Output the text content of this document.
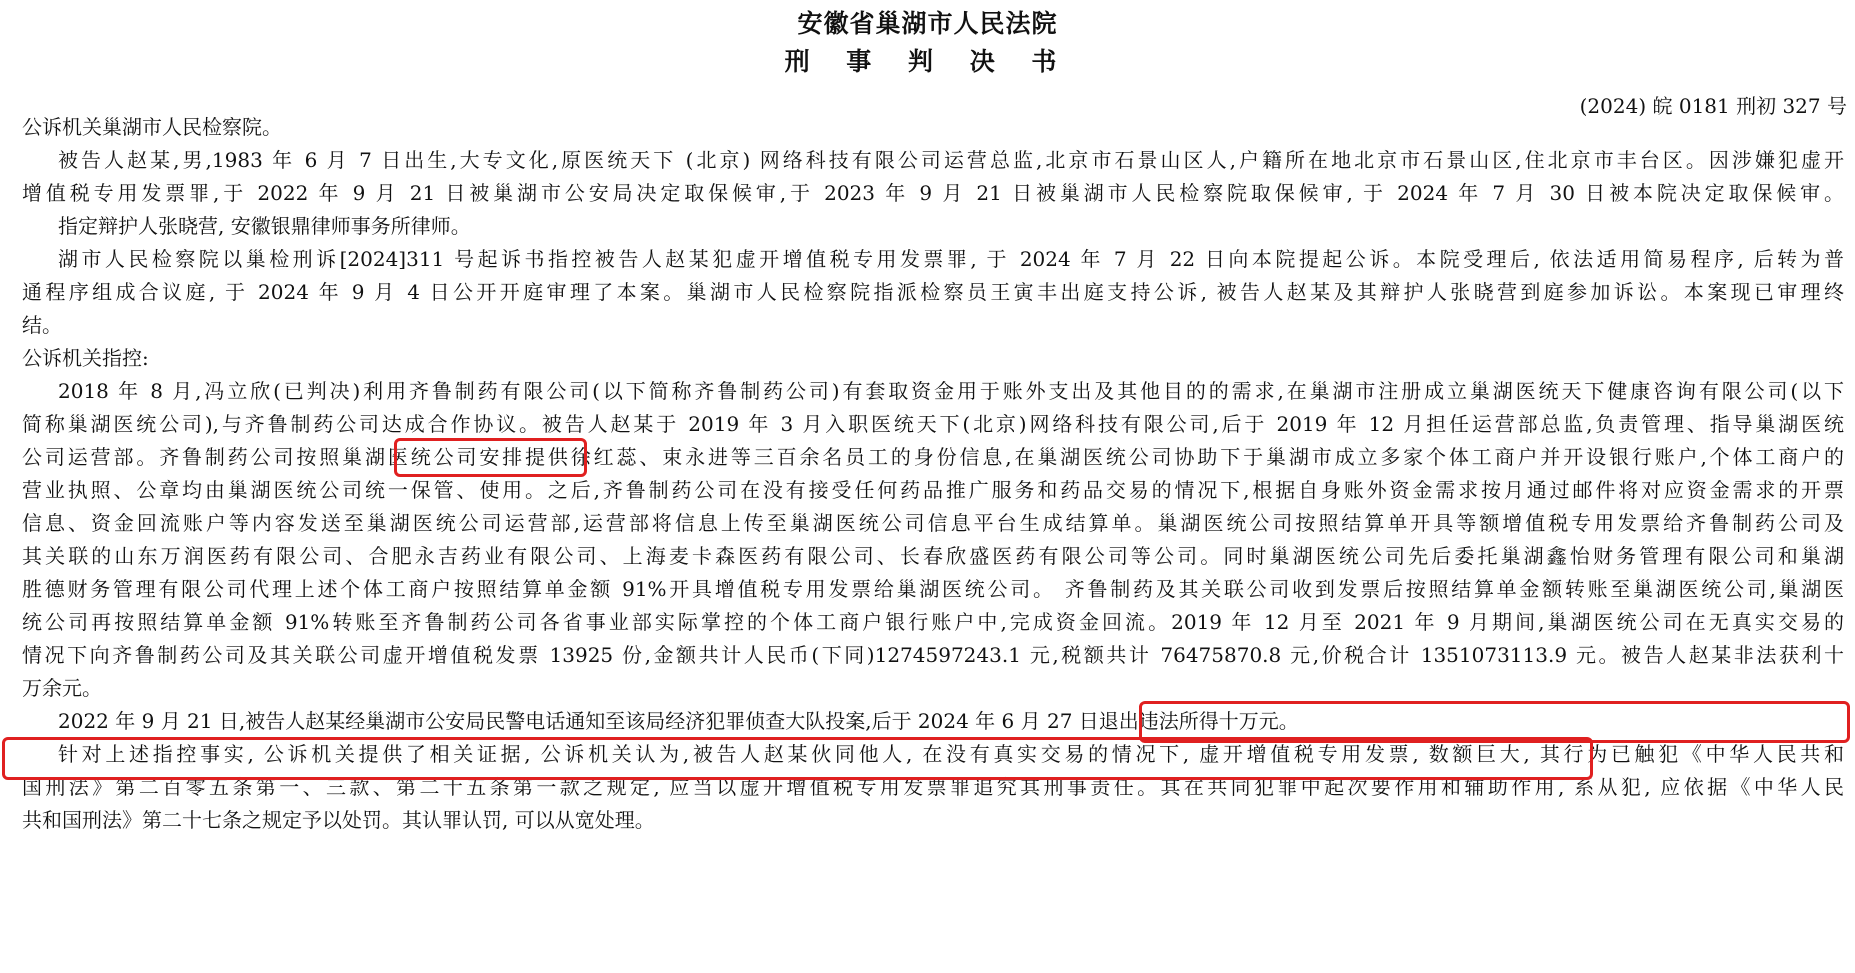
安徽省巢湖市人民法院
刑 事 判 决 书
(2024) 皖 0181 刑初 327 号
公诉机关巢湖市人民检察院。
被告人赵某,男,1983 年 6 月 7 日出生,大专文化,原医统天下 (北京) 网络科技有限公司运营总监,北京市石景山区人,户籍所在地北京市石景山区,住北京市丰台区。因涉嫌犯虚开
增值税专用发票罪,于 2022 年 9 月 21 日被巢湖市公安局决定取保候审,于 2023 年 9 月 21 日被巢湖市人民检察院取保候审, 于 2024 年 7 月 30 日被本院决定取保候审。
指定辩护人张晓营, 安徽银鼎律师事务所律师。
湖市人民检察院以巢检刑诉[2024]311 号起诉书指控被告人赵某犯虚开增值税专用发票罪, 于 2024 年 7 月 22 日向本院提起公诉。本院受理后, 依法适用简易程序, 后转为普
通程序组成合议庭, 于 2024 年 9 月 4 日公开开庭审理了本案。巢湖市人民检察院指派检察员王寅丰出庭支持公诉, 被告人赵某及其辩护人张晓营到庭参加诉讼。本案现已审理终
结。
公诉机关指控:
2018 年 8 月,冯立欣(已判决)利用齐鲁制药有限公司(以下简称齐鲁制药公司)有套取资金用于账外支出及其他目的的需求,在巢湖市注册成立巢湖医统天下健康咨询有限公司(以下
简称巢湖医统公司),与齐鲁制药公司达成合作协议。被告人赵某于 2019 年 3 月入职医统天下(北京)网络科技有限公司,后于 2019 年 12 月担任运营部总监,负责管理、指导巢湖医统
公司运营部。齐鲁制药公司按照巢湖医统公司安排提供徐红蕊、束永进等三百余名员工的身份信息,在巢湖医统公司协助下于巢湖市成立多家个体工商户并开设银行账户,个体工商户的
营业执照、公章均由巢湖医统公司统一保管、使用。之后,齐鲁制药公司在没有接受任何药品推广服务和药品交易的情况下,根据自身账外资金需求按月通过邮件将对应资金需求的开票
信息、资金回流账户等内容发送至巢湖医统公司运营部,运营部将信息上传至巢湖医统公司信息平台生成结算单。巢湖医统公司按照结算单开具等额增值税专用发票给齐鲁制药公司及
其关联的山东万润医药有限公司、合肥永吉药业有限公司、上海麦卡森医药有限公司、长春欣盛医药有限公司等公司。同时巢湖医统公司先后委托巢湖鑫怡财务管理有限公司和巢湖
胜德财务管理有限公司代理上述个体工商户按照结算单金额 91%开具增值税专用发票给巢湖医统公司。 齐鲁制药及其关联公司收到发票后按照结算单金额转账至巢湖医统公司,巢湖医
统公司再按照结算单金额 91%转账至齐鲁制药公司各省事业部实际掌控的个体工商户银行账户中,完成资金回流。2019 年 12 月至 2021 年 9 月期间,巢湖医统公司在无真实交易的
情况下向齐鲁制药公司及其关联公司虚开增值税发票 13925 份,金额共计人民币(下同)1274597243.1 元,税额共计 76475870.8 元,价税合计 1351073113.9 元。被告人赵某非法获利十
万余元。
2022 年 9 月 21 日,被告人赵某经巢湖市公安局民警电话通知至该局经济犯罪侦查大队投案,后于 2024 年 6 月 27 日退出违法所得十万元。
针对上述指控事实, 公诉机关提供了相关证据, 公诉机关认为,被告人赵某伙同他人, 在没有真实交易的情况下, 虚开增值税专用发票, 数额巨大, 其行为已触犯《中华人民共和
国刑法》第二百零五条第一、三款、第二十五条第一款之规定, 应当以虚开增值税专用发票罪追究其刑事责任。其在共同犯罪中起次要作用和辅助作用, 系从犯, 应依据《中华人民
共和国刑法》第二十七条之规定予以处罚。其认罪认罚, 可以从宽处理。
